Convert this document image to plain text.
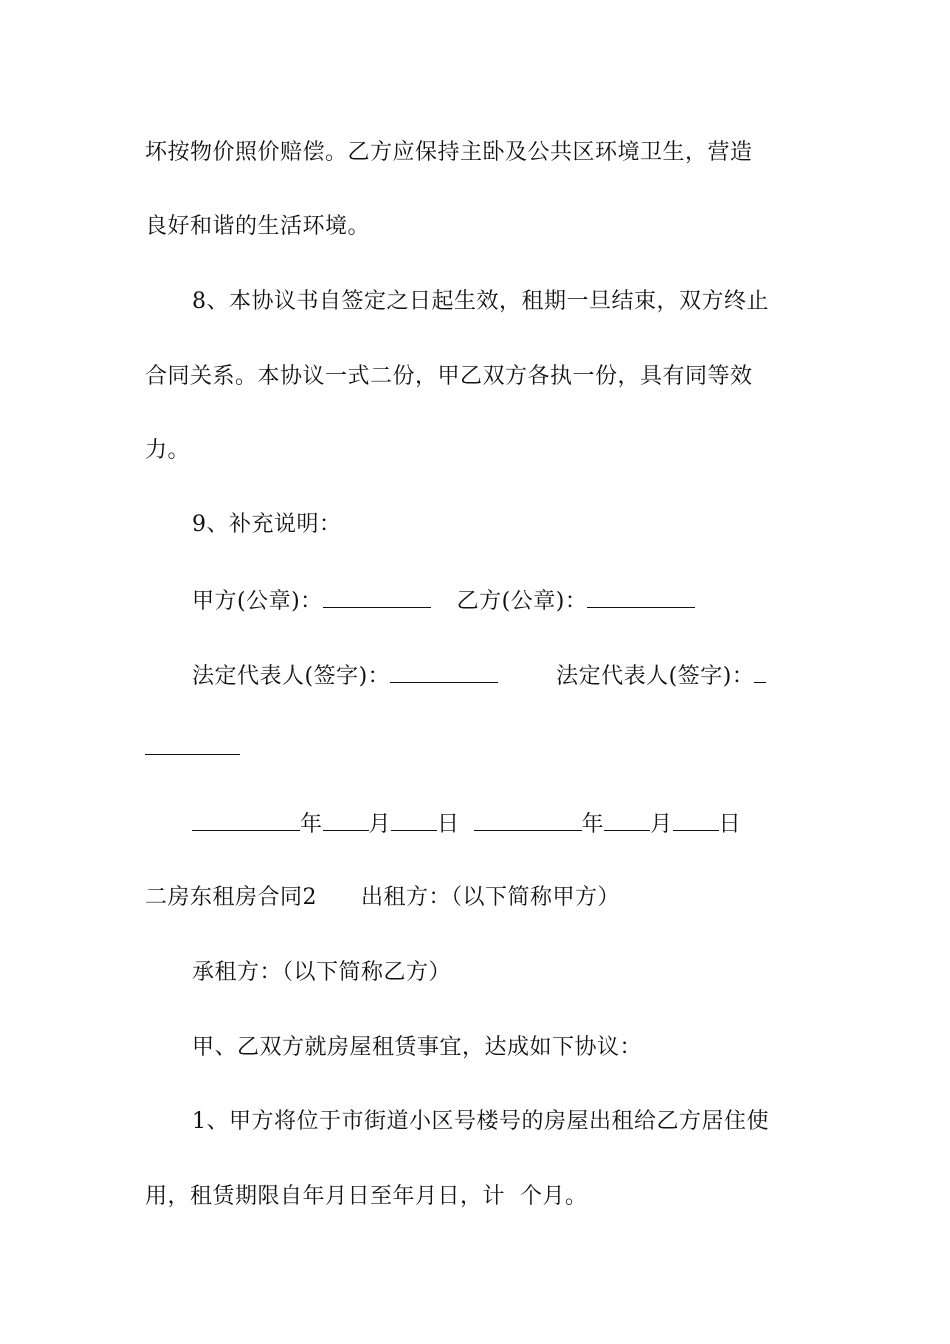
坏按物价照价赔偿。乙方应保持主卧及公共区环境卫生，营造
良好和谐的生活环境。
8、本协议书自签定之日起生效，租期一旦结束，双方终止
合同关系。本协议一式二份，甲乙双方各执一份，具有同等效
力。
9、补充说明：
甲方(公章)：	乙方(公章)：
法定代表人(签字)：	法定代表人(签字)：
年 月 日	年 月 日
二房东租房合同2 出租方：（以下简称甲方）
承租方：（以下简称乙方）
甲、乙双方就房屋租赁事宜，达成如下协议：
1、甲方将位于市街道小区号楼号的房屋出租给乙方居住使
用，租赁期限自年月日至年月日，计  个月。
